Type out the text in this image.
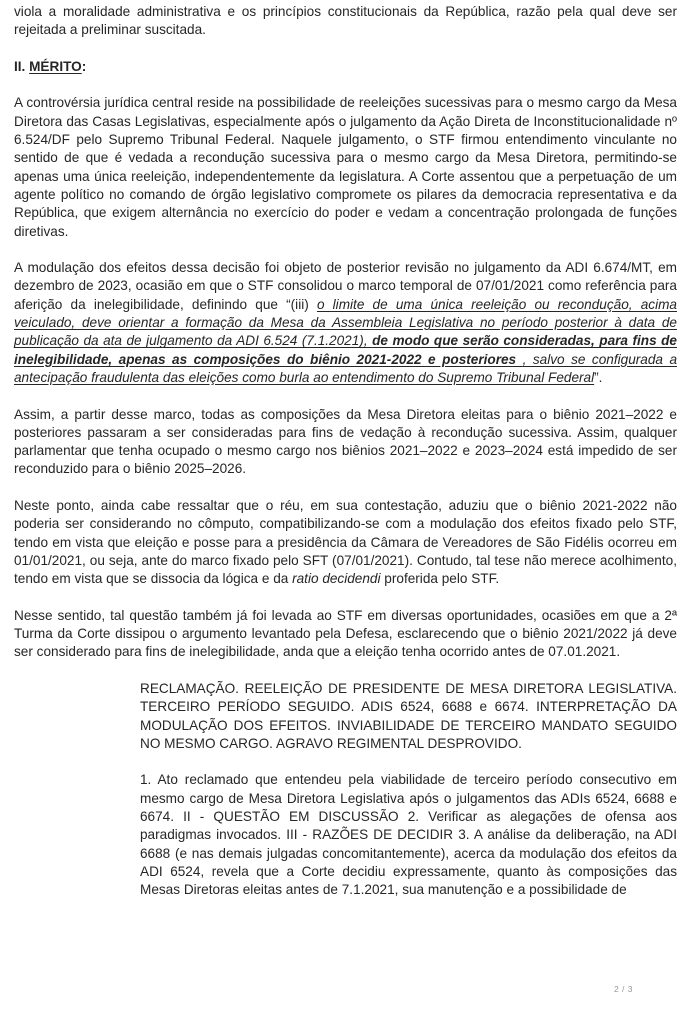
viola a moralidade administrativa e os princípios constitucionais da República, razão pela qual deve ser rejeitada a preliminar suscitada.

II. MÉRITO:

A controvérsia jurídica central reside na possibilidade de reeleições sucessivas para o mesmo cargo da Mesa Diretora das Casas Legislativas, especialmente após o julgamento da Ação Direta de Inconstitucionalidade nº 6.524/DF pelo Supremo Tribunal Federal. Naquele julgamento, o STF firmou entendimento vinculante no sentido de que é vedada a recondução sucessiva para o mesmo cargo da Mesa Diretora, permitindo-se apenas uma única reeleição, independentemente da legislatura. A Corte assentou que a perpetuação de um agente político no comando de órgão legislativo compromete os pilares da democracia representativa e da República, que exigem alternância no exercício do poder e vedam a concentração prolongada de funções diretivas.

A modulação dos efeitos dessa decisão foi objeto de posterior revisão no julgamento da ADI 6.674/MT, em dezembro de 2023, ocasião em que o STF consolidou o marco temporal de 07/01/2021 como referência para aferição da inelegibilidade, definindo que “(iii) o limite de uma única reeleição ou recondução, acima veiculado, deve orientar a formação da Mesa da Assembleia Legislativa no período posterior à data de publicação da ata de julgamento da ADI 6.524 (7.1.2021), de modo que serão consideradas, para fins de inelegibilidade, apenas as composições do biênio 2021-2022 e posteriores , salvo se configurada a antecipação fraudulenta das eleições como burla ao entendimento do Supremo Tribunal Federal”.

Assim, a partir desse marco, todas as composições da Mesa Diretora eleitas para o biênio 2021–2022 e posteriores passaram a ser consideradas para fins de vedação à recondução sucessiva. Assim, qualquer parlamentar que tenha ocupado o mesmo cargo nos biênios 2021–2022 e 2023–2024 está impedido de ser reconduzido para o biênio 2025–2026.

Neste ponto, ainda cabe ressaltar que o réu, em sua contestação, aduziu que o biênio 2021-2022 não poderia ser considerando no cômputo, compatibilizando-se com a modulação dos efeitos fixado pelo STF, tendo em vista que eleição e posse para a presidência da Câmara de Vereadores de São Fidélis ocorreu em 01/01/2021, ou seja, ante do marco fixado pelo SFT (07/01/2021). Contudo, tal tese não merece acolhimento, tendo em vista que se dissocia da lógica e da ratio decidendi proferida pelo STF.

Nesse sentido, tal questão também já foi levada ao STF em diversas oportunidades, ocasiões em que a 2ª Turma da Corte dissipou o argumento levantado pela Defesa, esclarecendo que o biênio 2021/2022 já deve ser considerado para fins de inelegibilidade, anda que a eleição tenha ocorrido antes de 07.01.2021.

RECLAMAÇÃO. REELEIÇÃO DE PRESIDENTE DE MESA DIRETORA LEGISLATIVA. TERCEIRO PERÍODO SEGUIDO. ADIS 6524, 6688 e 6674. INTERPRETAÇÃO DA MODULAÇÃO DOS EFEITOS. INVIABILIDADE DE TERCEIRO MANDATO SEGUIDO NO MESMO CARGO. AGRAVO REGIMENTAL DESPROVIDO.

1. Ato reclamado que entendeu pela viabilidade de terceiro período consecutivo em mesmo cargo de Mesa Diretora Legislativa após o julgamentos das ADIs 6524, 6688 e 6674. II - QUESTÃO EM DISCUSSÃO 2. Verificar as alegações de ofensa aos paradigmas invocados. III - RAZÕES DE DECIDIR 3. A análise da deliberação, na ADI 6688 (e nas demais julgadas concomitantemente), acerca da modulação dos efeitos da ADI 6524, revela que a Corte decidiu expressamente, quanto às composições das Mesas Diretoras eleitas antes de 7.1.2021, sua manutenção e a possibilidade de

2 / 3
